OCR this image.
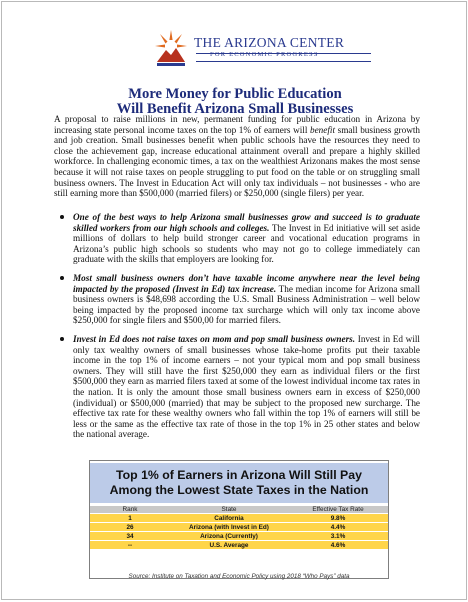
THE ARIZONA CENTER
FOR ECONOMIC PROGRESS
More Money for Public Education
Will Benefit Arizona Small Businesses
A proposal to raise millions in new, permanent funding for public education in Arizona by increasing state personal income taxes on the top 1% of earners will benefit small business growth and job creation. Small businesses benefit when public schools have the resources they need to close the achievement gap, increase educational attainment overall and prepare a highly skilled workforce. In challenging economic times, a tax on the wealthiest Arizonans makes the most sense because it will not raise taxes on people struggling to put food on the table or on struggling small business owners. The Invest in Education Act will only tax individuals – not businesses - who are still earning more than $500,000 (married filers) or $250,000 (single filers) per year.
One of the best ways to help Arizona small businesses grow and succeed is to graduate skilled workers from our high schools and colleges. The Invest in Ed initiative will set aside millions of dollars to help build stronger career and vocational education programs in Arizona’s public high schools so students who may not go to college immediately can graduate with the skills that employers are looking for.
Most small business owners don’t have taxable income anywhere near the level being impacted by the proposed (Invest in Ed) tax increase. The median income for Arizona small business owners is $48,698 according the U.S. Small Business Administration – well below being impacted by the proposed income tax surcharge which will only tax income above $250,000 for single filers and $500,00 for married filers.
Invest in Ed does not raise taxes on mom and pop small business owners. Invest in Ed will only tax wealthy owners of small businesses whose take-home profits put their taxable income in the top 1% of income earners – not your typical mom and pop small business owners. They will still have the first $250,000 they earn as individual filers or the first $500,000 they earn as married filers taxed at some of the lowest individual income tax rates in the nation. It is only the amount those small business owners earn in excess of $250,000 (individual) or $500,000 (married) that may be subject to the proposed new surcharge. The effective tax rate for these wealthy owners who fall within the top 1% of earners will still be less or the same as the effective tax rate of those in the top 1% in 25 other states and below the national average.
Top 1% of Earners in Arizona Will Still Pay
Among the Lowest State Taxes in the Nation
Rank	State	Effective Tax Rate
1	California	9.8%
26	Arizona (with Invest in Ed)	4.4%
34	Arizona (Currently)	3.1%
--	U.S. Average	4.6%
Source: Institute on Taxation and Economic Policy using 2018 “Who Pays” data
